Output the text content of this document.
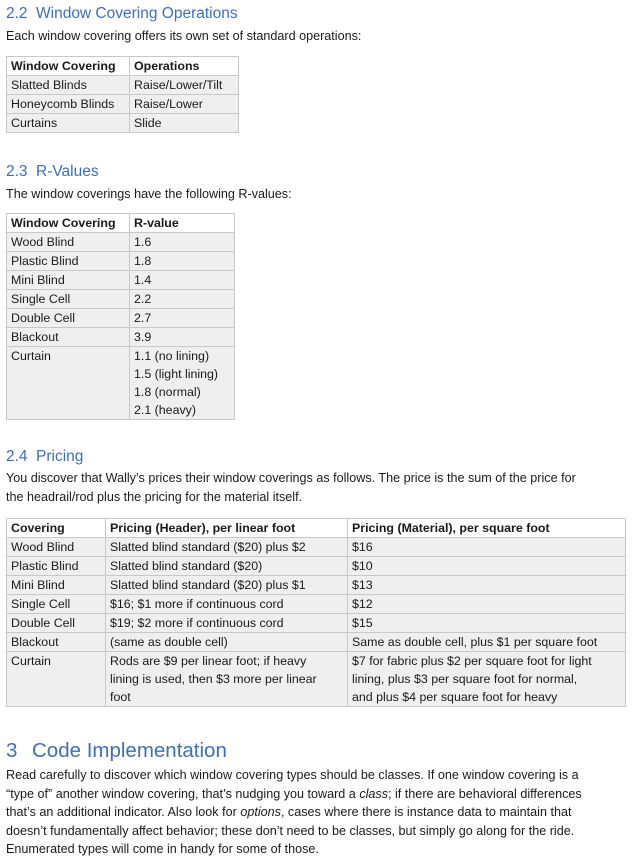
2.2 Window Covering Operations

Each window covering offers its own set of standard operations:

Window Covering	Operations
Slatted Blinds	Raise/Lower/Tilt
Honeycomb Blinds	Raise/Lower
Curtains	Slide

2.3 R-Values

The window coverings have the following R-values:

Window Covering	R-value
Wood Blind	1.6
Plastic Blind	1.8
Mini Blind	1.4
Single Cell	2.2
Double Cell	2.7
Blackout	3.9
Curtain	1.1 (no lining)
1.5 (light lining)
1.8 (normal)
2.1 (heavy)

2.4 Pricing

You discover that Wally’s prices their window coverings as follows. The price is the sum of the price for

the headrail/rod plus the pricing for the material itself.

Covering	Pricing (Header), per linear foot	Pricing (Material), per square foot
Wood Blind	Slatted blind standard ($20) plus $2	$16
Plastic Blind	Slatted blind standard ($20)	$10
Mini Blind	Slatted blind standard ($20) plus $1	$13
Single Cell	$16; $1 more if continuous cord	$12
Double Cell	$19; $2 more if continuous cord	$15
Blackout	(same as double cell)	Same as double cell, plus $1 per square foot
Curtain	Rods are $9 per linear foot; if heavy
lining is used, then $3 more per linear
foot	$7 for fabric plus $2 per square foot for light
lining, plus $3 per square foot for normal,
and plus $4 per square foot for heavy

3 Code Implementation

Read carefully to discover which window covering types should be classes. If one window covering is a

“type of” another window covering, that’s nudging you toward a class; if there are behavioral differences

that’s an additional indicator. Also look for options, cases where there is instance data to maintain that

doesn’t fundamentally affect behavior; these don’t need to be classes, but simply go along for the ride.

Enumerated types will come in handy for some of those.
